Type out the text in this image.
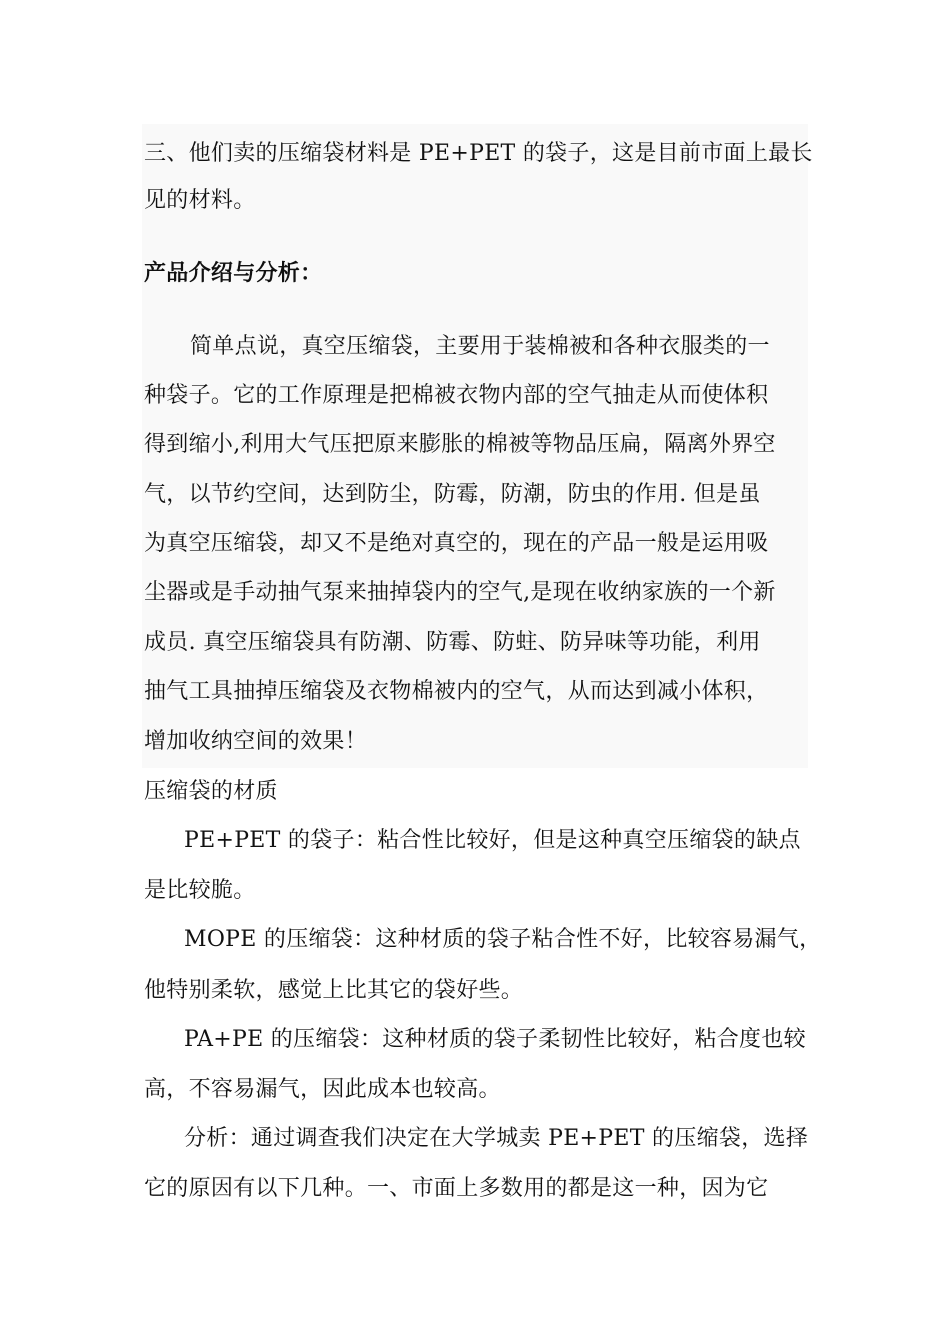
三、他们卖的压缩袋材料是 PE+PET 的袋子，这是目前市面上最长
见的材料。
产品介绍与分析：
简单点说，真空压缩袋，主要用于装棉被和各种衣服类的一
种袋子。它的工作原理是把棉被衣物内部的空气抽走从而使体积
得到缩小,利用大气压把原来膨胀的棉被等物品压扁，隔离外界空
气，以节约空间，达到防尘，防霉，防潮，防虫的作用. 但是虽
为真空压缩袋，却又不是绝对真空的，现在的产品一般是运用吸
尘器或是手动抽气泵来抽掉袋内的空气,是现在收纳家族的一个新
成员. 真空压缩袋具有防潮、防霉、防蛀、防异味等功能，利用
抽气工具抽掉压缩袋及衣物棉被内的空气，从而达到减小体积，
增加收纳空间的效果！
压缩袋的材质
PE+PET 的袋子：粘合性比较好，但是这种真空压缩袋的缺点
是比较脆。
MOPE 的压缩袋：这种材质的袋子粘合性不好，比较容易漏气，
他特别柔软，感觉上比其它的袋好些。
PA+PE 的压缩袋：这种材质的袋子柔韧性比较好，粘合度也较
高，不容易漏气，因此成本也较高。
分析：通过调查我们决定在大学城卖 PE+PET 的压缩袋，选择
它的原因有以下几种。一、市面上多数用的都是这一种，因为它
